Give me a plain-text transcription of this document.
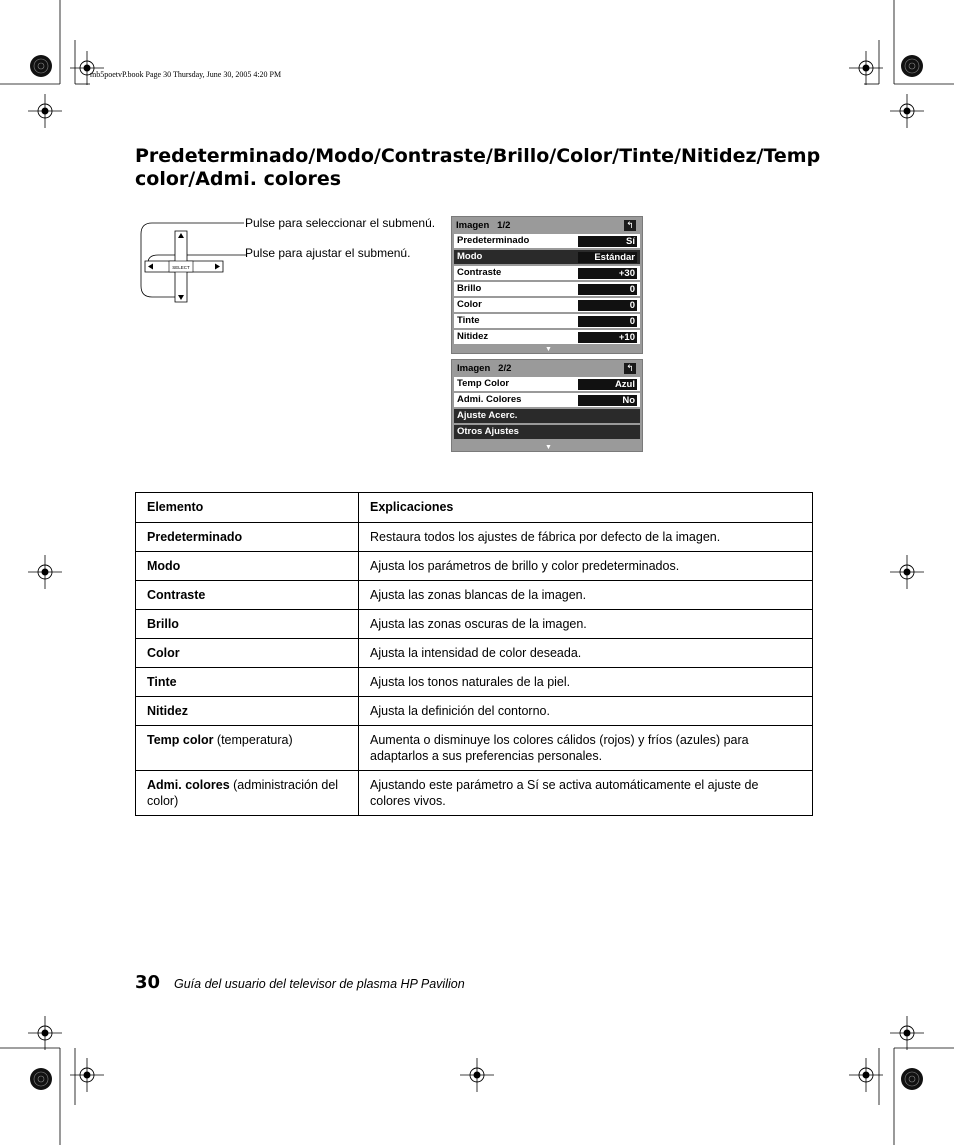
mb5poetvP.book Page 30 Thursday, June 30, 2005 4:20 PM
Predeterminado/Modo/Contraste/Brillo/Color/Tinte/Nitidez/Temp color/Admi. colores
SELECT
Pulse para seleccionar el submenú.
Pulse para ajustar el submenú.
Imagen   1/2	↰
Predeterminado	Sí
Modo	Estándar
Contraste	+30
Brillo	0
Color	0
Tinte	0
Nitidez	+10
▼
Imagen   2/2	↰
Temp Color	Azul
Admi. Colores	No
Ajuste Acerc.
Otros Ajustes
▼
Elemento	Explicaciones
Predeterminado	Restaura todos los ajustes de fábrica por defecto de la imagen.
Modo	Ajusta los parámetros de brillo y color predeterminados.
Contraste	Ajusta las zonas blancas de la imagen.
Brillo	Ajusta las zonas oscuras de la imagen.
Color	Ajusta la intensidad de color deseada.
Tinte	Ajusta los tonos naturales de la piel.
Nitidez	Ajusta la definición del contorno.
Temp color (temperatura)	Aumenta o disminuye los colores cálidos (rojos) y fríos (azules) para adaptarlos a sus preferencias personales.
Admi. colores (administración del color)	Ajustando este parámetro a Sí se activa automáticamente el ajuste de colores vivos.
30 Guía del usuario del televisor de plasma HP Pavilion
